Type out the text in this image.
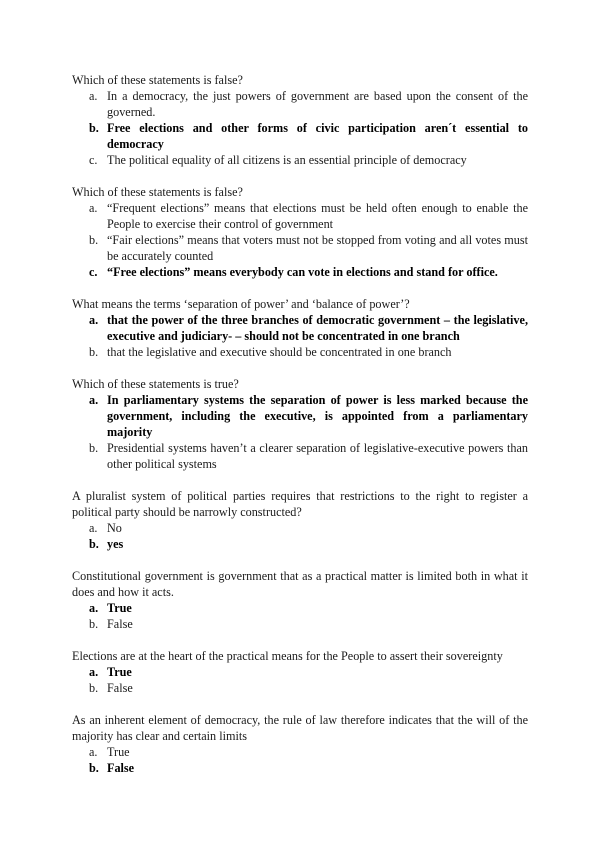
Which of these statements is false?

a. In a democracy, the just powers of government are based upon the consent of the governed.
b. Free elections and other forms of civic participation aren´t essential to democracy
c. The political equality of all citizens is an essential principle of democracy

Which of these statements is false?

a. “Frequent elections” means that elections must be held often enough to enable the People to exercise their control of government
b. “Fair elections” means that voters must not be stopped from voting and all votes must be accurately counted
c. “Free elections” means everybody can vote in elections and stand for office.

What means the terms ‘separation of power’ and ‘balance of power’?

a. that the power of the three branches of democratic government – the legislative, executive and judiciary- – should not be concentrated in one branch
b. that the legislative and executive should be concentrated in one branch

Which of these statements is true?

a. In parliamentary systems the separation of power is less marked because the government, including the executive, is appointed from a parliamentary majority
b. Presidential systems haven’t a clearer separation of legislative-executive powers than other political systems

A pluralist system of political parties requires that restrictions to the right to register a political party should be narrowly constructed?

a. No
b. yes

Constitutional government is government that as a practical matter is limited both in what it does and how it acts.

a. True
b. False

Elections are at the heart of the practical means for the People to assert their sovereignty

a. True
b. False

As an inherent element of democracy, the rule of law therefore indicates that the will of the majority has clear and certain limits

a. True
b. False
